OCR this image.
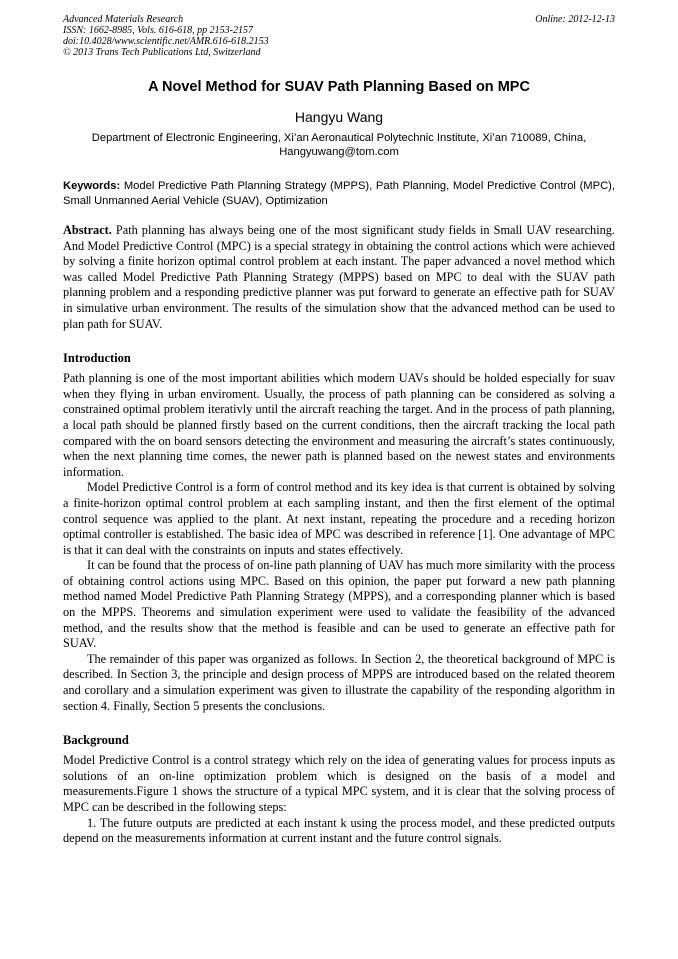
Advanced Materials Research
ISSN: 1662-8985, Vols. 616-618, pp 2153-2157
doi:10.4028/www.scientific.net/AMR.616-618.2153
© 2013 Trans Tech Publications Ltd, Switzerland
Online: 2012-12-13
A Novel Method for SUAV Path Planning Based on MPC
Hangyu Wang
Department of Electronic Engineering, Xi’an Aeronautical Polytechnic Institute, Xi’an 710089, China,
Hangyuwang@tom.com
Keywords: Model Predictive Path Planning Strategy (MPPS), Path Planning, Model Predictive Control (MPC), Small Unmanned Aerial Vehicle (SUAV), Optimization
Abstract. Path planning has always being one of the most significant study fields in Small UAV researching. And Model Predictive Control (MPC) is a special strategy in obtaining the control actions which were achieved by solving a finite horizon optimal control problem at each instant. The paper advanced a novel method which was called Model Predictive Path Planning Strategy (MPPS) based on MPC to deal with the SUAV path planning problem and a responding predictive planner was put forward to generate an effective path for SUAV in simulative urban environment. The results of the simulation show that the advanced method can be used to plan path for SUAV.
Introduction

Path planning is one of the most important abilities which modern UAVs should be holded especially for suav when they flying in urban enviroment. Usually, the process of path planning can be considered as solving a constrained optimal problem iterativly until the aircraft reaching the target. And in the process of path planning, a local path should be planned firstly based on the current conditions, then the aircraft tracking the local path compared with the on board sensors detecting the environment and measuring the aircraft’s states continuously, when the next planning time comes, the newer path is planned based on the newest states and environments information.

Model Predictive Control is a form of control method and its key idea is that current is obtained by solving a finite-horizon optimal control problem at each sampling instant, and then the first element of the optimal control sequence was applied to the plant. At next instant, repeating the procedure and a receding horizon optimal controller is established. The basic idea of MPC was described in reference [1]. One advantage of MPC is that it can deal with the constraints on inputs and states effectively.

It can be found that the process of on-line path planning of UAV has much more similarity with the process of obtaining control actions using MPC. Based on this opinion, the paper put forward a new path planning method named Model Predictive Path Planning Strategy (MPPS), and a corresponding planner which is based on the MPPS. Theorems and simulation experiment were used to validate the feasibility of the advanced method, and the results show that the method is feasible and can be used to generate an effective path for SUAV.

The remainder of this paper was organized as follows. In Section 2, the theoretical background of MPC is described. In Section 3, the principle and design process of MPPS are introduced based on the related theorem and corollary and a simulation experiment was given to illustrate the capability of the responding algorithm in section 4. Finally, Section 5 presents the conclusions.

Background

Model Predictive Control is a control strategy which rely on the idea of generating values for process inputs as solutions of an on-line optimization problem which is designed on the basis of a model and measurements.Figure 1 shows the structure of a typical MPC system, and it is clear that the solving process of MPC can be described in the following steps:

1. The future outputs are predicted at each instant k using the process model, and these predicted outputs depend on the measurements information at current instant and the future control signals.
